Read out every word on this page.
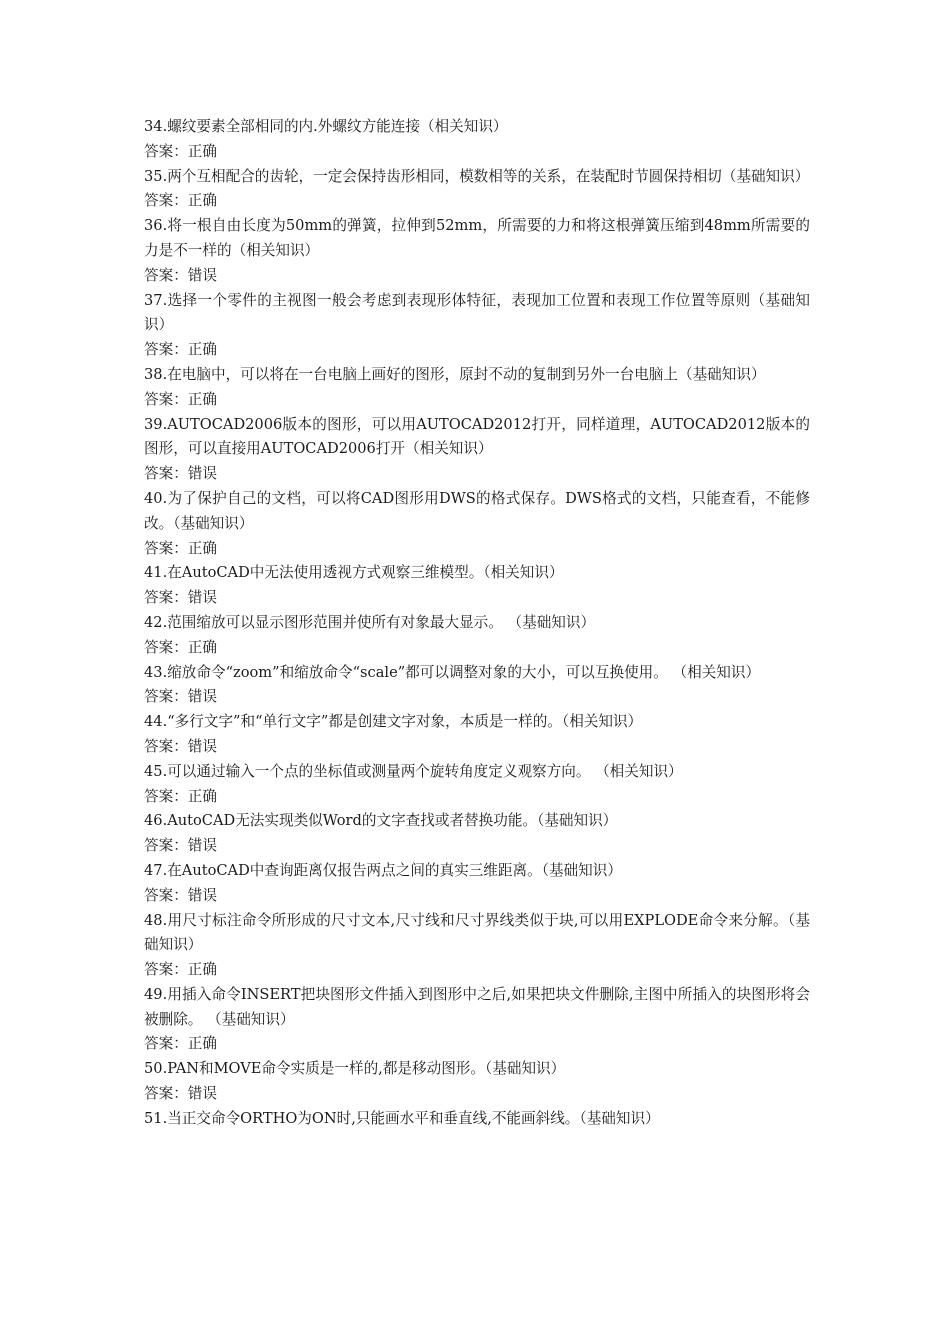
34.螺纹要素全部相同的内.外螺纹方能连接（相关知识）

答案：正确

35.两个互相配合的齿轮，一定会保持齿形相同，模数相等的关系，在装配时节圆保持相切（基础知识）

答案：正确

36.将一根自由长度为50mm的弹簧，拉伸到52mm，所需要的力和将这根弹簧压缩到48mm所需要的力是不一样的（相关知识）

答案：错误

37.选择一个零件的主视图一般会考虑到表现形体特征，表现加工位置和表现工作位置等原则（基础知识）

答案：正确

38.在电脑中，可以将在一台电脑上画好的图形，原封不动的复制到另外一台电脑上（基础知识）

答案：正确

39.AUTOCAD2006版本的图形，可以用AUTOCAD2012打开，同样道理，AUTOCAD2012版本的图形，可以直接用AUTOCAD2006打开（相关知识）

答案：错误

40.为了保护自己的文档，可以将CAD图形用DWS的格式保存。DWS格式的文档，只能查看，不能修改。（基础知识）

答案：正确

41.在AutoCAD中无法使用透视方式观察三维模型。（相关知识）

答案：错误

42.范围缩放可以显示图形范围并使所有对象最大显示。 （基础知识）

答案：正确

43.缩放命令“zoom”和缩放命令“scale”都可以调整对象的大小，可以互换使用。 （相关知识）

答案：错误

44.“多行文字”和“单行文字”都是创建文字对象，本质是一样的。（相关知识）

答案：错误

45.可以通过输入一个点的坐标值或测量两个旋转角度定义观察方向。 （相关知识）

答案：正确

46.AutoCAD无法实现类似Word的文字查找或者替换功能。（基础知识）

答案：错误

47.在AutoCAD中查询距离仅报告两点之间的真实三维距离。（基础知识）

答案：错误

48.用尺寸标注命令所形成的尺寸文本,尺寸线和尺寸界线类似于块,可以用EXPLODE命令来分解。（基础知识）

答案：正确

49.用插入命令INSERT把块图形文件插入到图形中之后,如果把块文件删除,主图中所插入的块图形将会被删除。 （基础知识）

答案：正确

50.PAN和MOVE命令实质是一样的,都是移动图形。（基础知识）

答案：错误

51.当正交命令ORTHO为ON时,只能画水平和垂直线,不能画斜线。（基础知识）
